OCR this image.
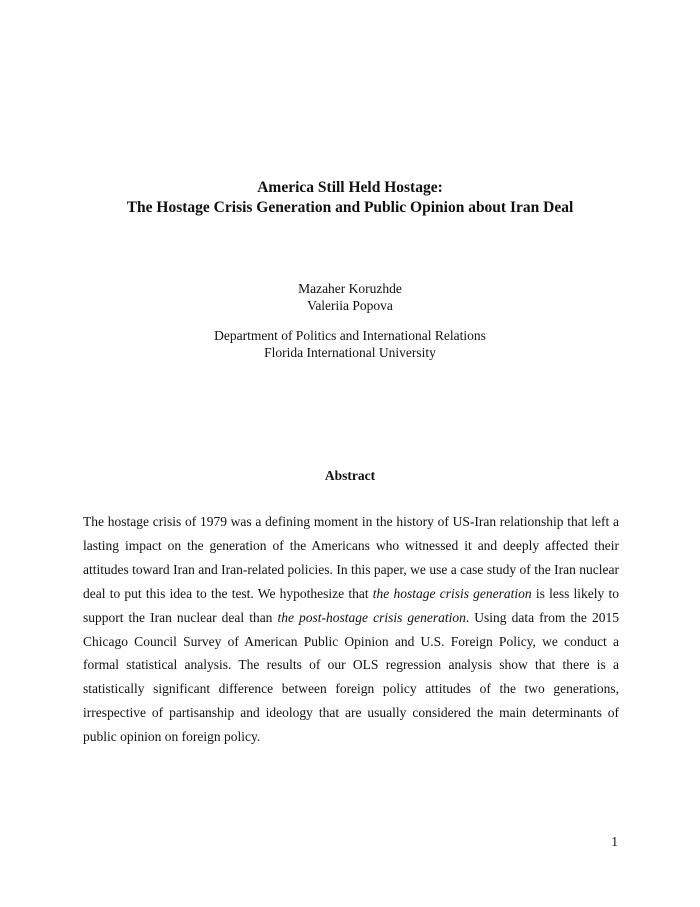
America Still Held Hostage:
The Hostage Crisis Generation and Public Opinion about Iran Deal
Mazaher Koruzhde
Valeriia Popova
Department of Politics and International Relations
Florida International University
Abstract
The hostage crisis of 1979 was a defining moment in the history of US-Iran relationship that left a lasting impact on the generation of the Americans who witnessed it and deeply affected their attitudes toward Iran and Iran-related policies. In this paper, we use a case study of the Iran nuclear deal to put this idea to the test. We hypothesize that the hostage crisis generation is less likely to support the Iran nuclear deal than the post-hostage crisis generation. Using data from the 2015 Chicago Council Survey of American Public Opinion and U.S. Foreign Policy, we conduct a formal statistical analysis. The results of our OLS regression analysis show that there is a statistically significant difference between foreign policy attitudes of the two generations, irrespective of partisanship and ideology that are usually considered the main determinants of public opinion on foreign policy.
1
